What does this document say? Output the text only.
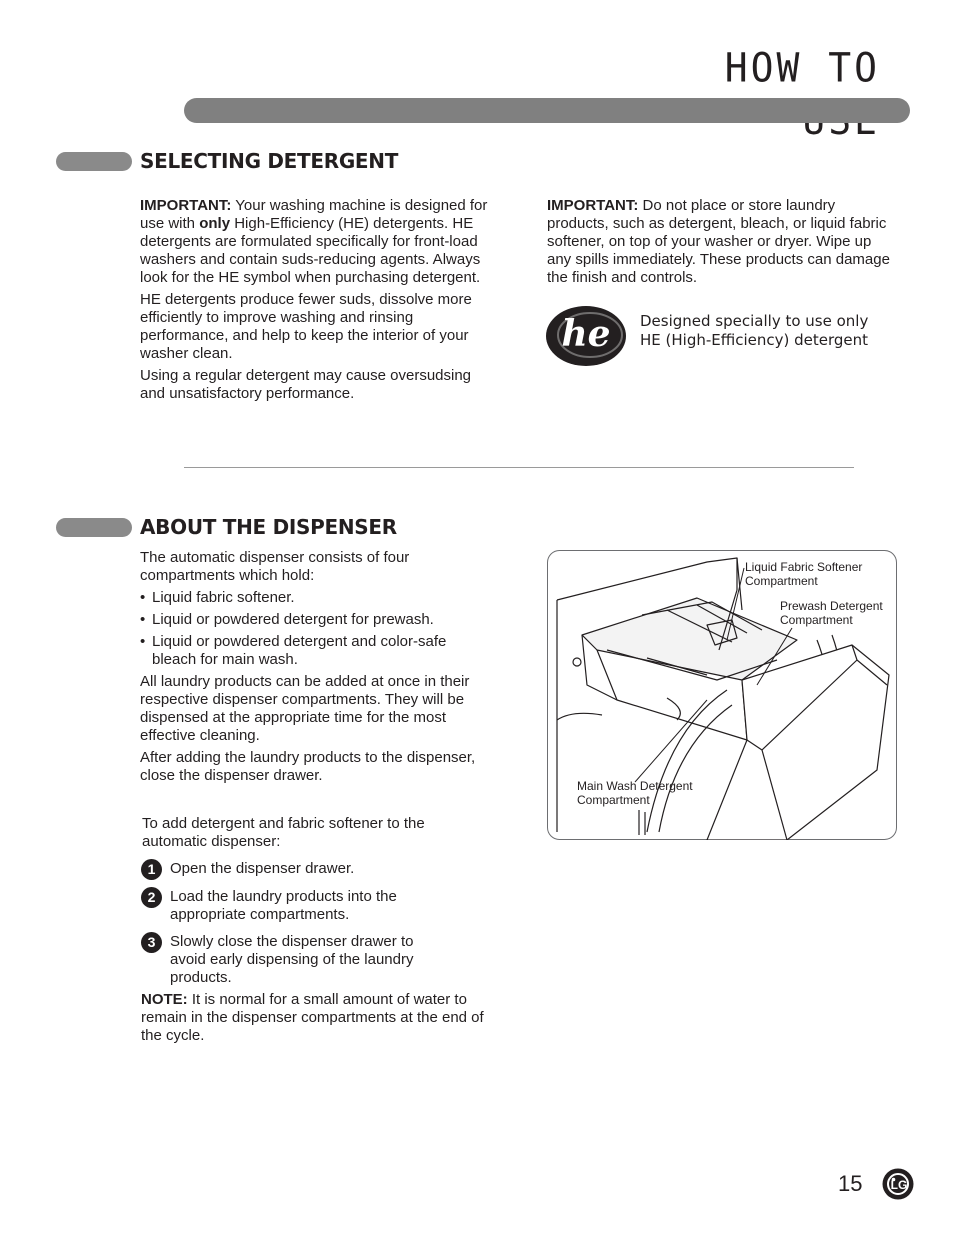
HOW TO
SELECTING DETERGENT

IMPORTANT: Your washing machine is designed for use with only High-Efficiency (HE) detergents. HE detergents are formulated specifically for front-load washers and contain suds-reducing agents. Always look for the HE symbol when purchasing detergent.

HE detergents produce fewer suds, dissolve more efficiently to improve washing and rinsing performance, and help to keep the interior of your washer clean.

Using a regular detergent may cause oversudsing and unsatisfactory performance.

IMPORTANT: Do not place or store laundry products, such as detergent, bleach, or liquid fabric softener, on top of your washer or dryer. Wipe up any spills immediately. These products can damage the finish and controls.

he Designed specially to use only
HE (High-Efficiency) detergent
ABOUT THE DISPENSER

The automatic dispenser consists of four compartments which hold:

• Liquid fabric softener.

• Liquid or powdered detergent for prewash.

• Liquid or powdered detergent and color-safe bleach for main wash.

All laundry products can be added at once in their respective dispenser compartments. They will be dispensed at the appropriate time for the most effective cleaning.

After adding the laundry products to the dispenser, close the dispenser drawer.

To add detergent and fabric softener to the automatic dispenser:
1 Open the dispenser drawer.
2 Load the laundry products into the appropriate compartments.
3 Slowly close the dispenser drawer to avoid early dispensing of the laundry products.
NOTE: It is normal for a small amount of water to remain in the dispenser compartments at the end of the cycle.
Liquid Fabric Softener
Compartment
Prewash Detergent
Compartment
Main Wash Detergent
Compartment
15 LG
